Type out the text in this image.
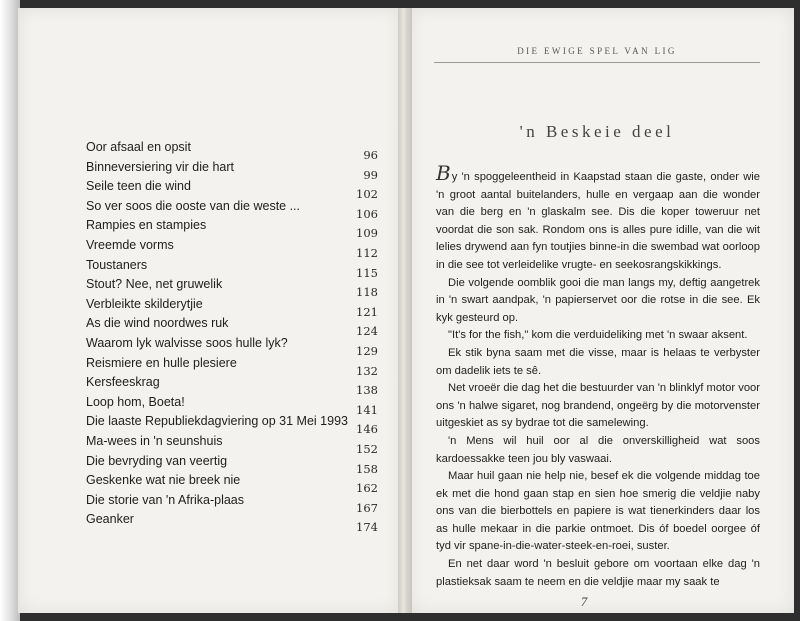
Oor afsaal en opsit
96
Binneversiering vir die hart
99
Seile teen die wind
102
So ver soos die ooste van die weste ...
106
Rampies en stampies
109
Vreemde vorms
112
Toustaners
115
Stout? Nee, net gruwelik
118
Verbleikte skilderytjie
121
As die wind noordwes ruk
124
Waarom lyk walvisse soos hulle lyk?
129
Reismiere en hulle plesiere
132
Kersfeeskrag
138
Loop hom, Boeta!
141
Die laaste Republiekdagviering op 31 Mei 1993
146
Ma-wees in 'n seunshuis
152
Die bevryding van veertig
158
Geskenke wat nie breek nie
162
Die storie van 'n Afrika-plaas
167
Geanker
174
DIE EWIGE SPEL VAN LIG
'n Beskeie deel

By 'n spoggeleentheid in Kaapstad staan die gaste, onder wie 'n groot aantal buitelanders, hulle en vergaap aan die wonder van die berg en 'n glaskalm see. Dis die koper toweruur net voordat die son sak. Rondom ons is alles pure idille, van die wit lelies drywend aan fyn toutjies binne-in die swembad wat oorloop in die see tot verleidelike vrugte- en seekosrangskikkings.

Die volgende oomblik gooi die man langs my, deftig aangetrek in 'n swart aandpak, 'n papierservet oor die rotse in die see. Ek kyk gesteurd op.

"It's for the fish," kom die verduideliking met 'n swaar aksent.

Ek stik byna saam met die visse, maar is helaas te verbyster om dadelik iets te sê.

Net vroeër die dag het die bestuurder van 'n blinklyf motor voor ons 'n halwe sigaret, nog brandend, ongeërg by die motorvenster uitgeskiet as sy bydrae tot die samelewing.

'n Mens wil huil oor al die onverskilligheid wat soos kardoessakke teen jou bly vaswaai.

Maar huil gaan nie help nie, besef ek die volgende middag toe ek met die hond gaan stap en sien hoe smerig die veldjie naby ons van die bierbottels en papiere is wat tienerkinders daar los as hulle mekaar in die parkie ontmoet. Dis óf boedel oorgee óf tyd vir spane-in-die-water-steek-en-roei, suster.

En net daar word 'n besluit gebore om voortaan elke dag 'n plastieksak saam te neem en die veldjie maar my saak te

7
